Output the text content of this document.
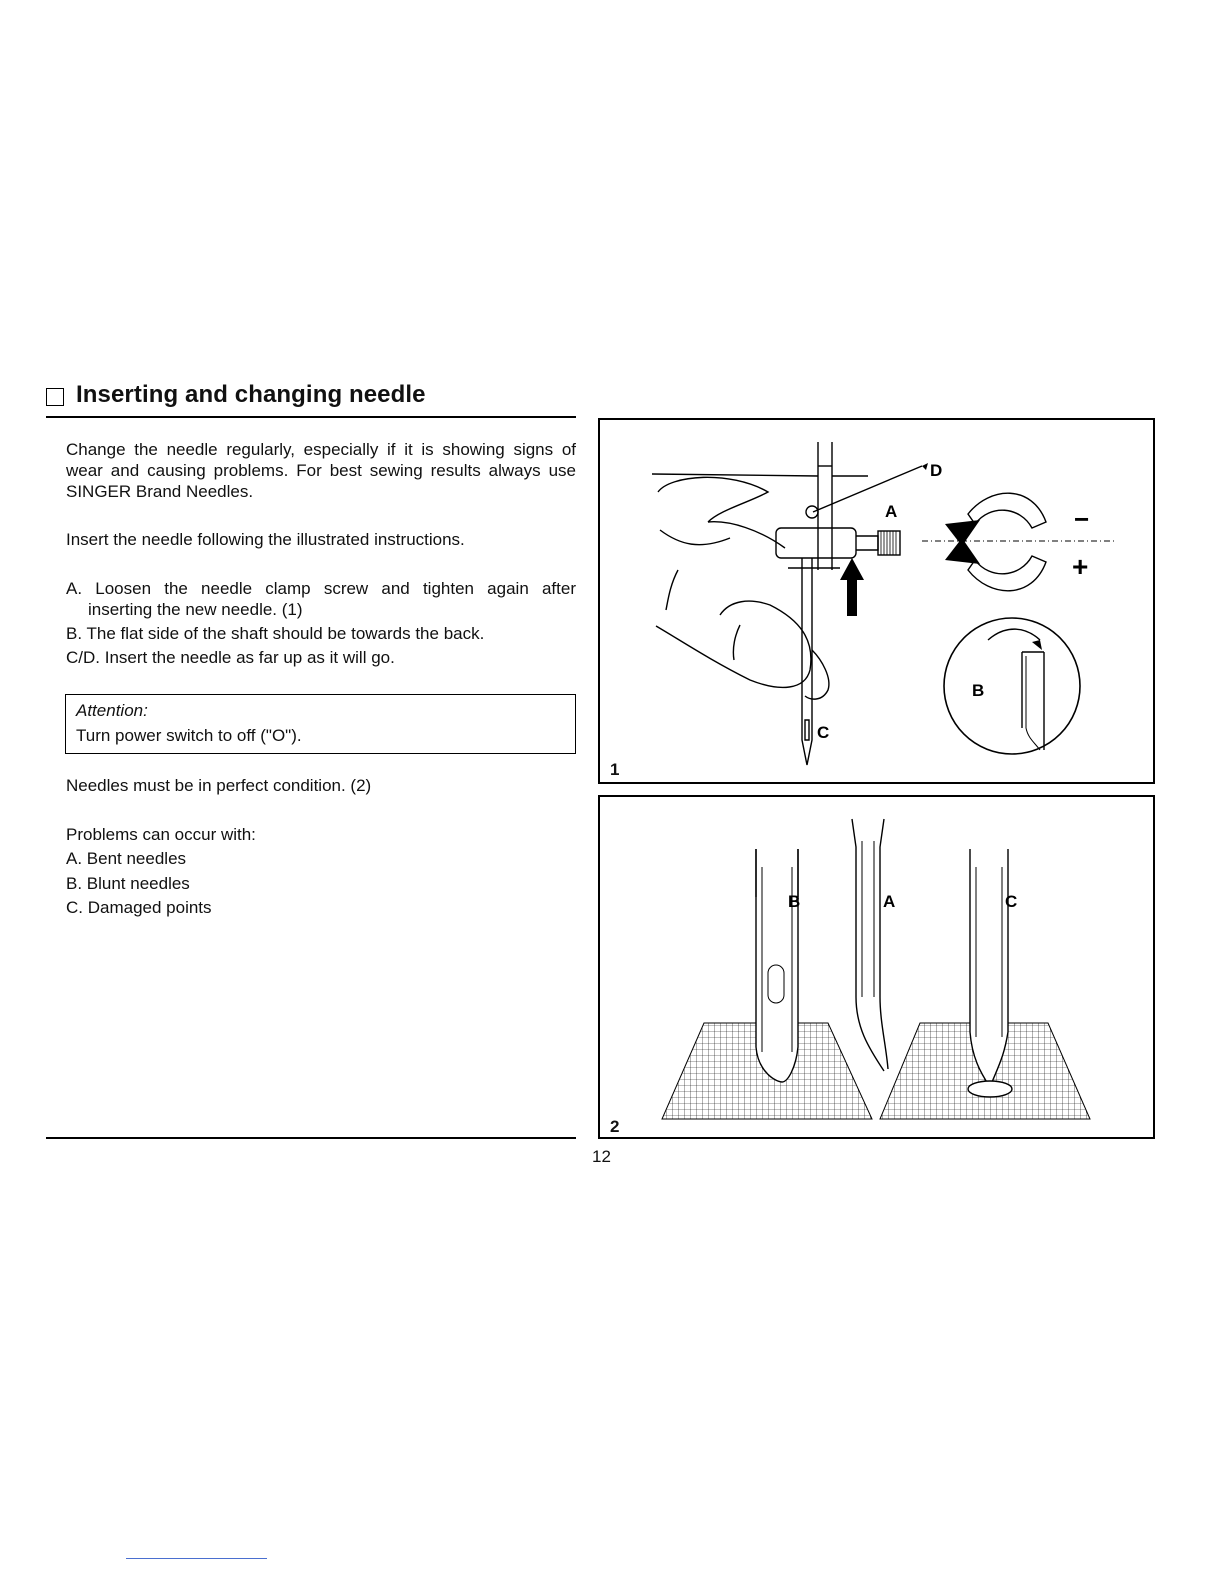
Inserting and changing needle
Change the needle regularly, especially if it is showing signs of wear and causing problems. For best sewing results always use SINGER Brand Needles.
Insert the needle following the illustrated instructions.
A. Loosen the needle clamp screw and tighten again after
inserting the new needle. (1)
B. The flat side of the shaft should be towards the back.
C/D. Insert the needle as far up as it will go.
Attention:
Turn power switch to off ("O").
Needles must be in perfect condition. (2)
Problems can occur with:
A. Bent needles
B. Blunt needles
C. Damaged points
−
+
D
A
B
C
1
B	A	C
2
12
